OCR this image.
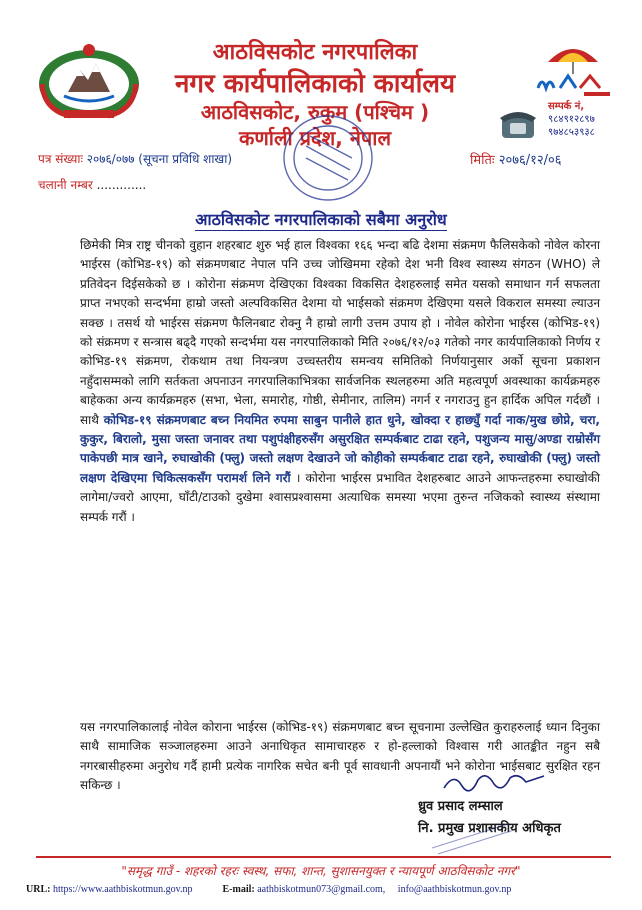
आठविसकोट नगरपालिका
नगर कार्यपालिकाको कार्यालय
आठविसकोट, रुकुम (पश्चिम )
कर्णाली प्रदेश, नेपाल
सम्पर्क नं,
९८४९१२८९७
९७४८५३९३८
पत्र संख्याः २०७६/०७७ (सूचना प्रविधि शाखा)	मितिः २०७६/१२/०६
चलानी नम्बर .............
आठविसकोट नगरपालिकाको सबैमा अनुरोध
छिमेकी मित्र राष्ट्र चीनको वुहान शहरबाट शुरु भई हाल विश्वका १६६ भन्दा बढि देशमा संक्रमण फैलिसकेको नोवेल कोरना भाईरस (कोभिड-१९) को संक्रमणबाट नेपाल पनि उच्च जोखिममा रहेको देश भनी विश्व स्वास्थ्य संगठन (WHO) ले प्रतिवेदन दिईसकेको छ । कोरोना संक्रमण देखिएका विश्वका विकसित देशहरुलाई समेत यसको समाधान गर्न सफलता प्राप्त नभएको सन्दर्भमा हाम्रो जस्तो अल्पविकसित देशमा यो भाईसको संक्रमण देखिएमा यसले विकराल समस्या ल्याउन सक्छ । तसर्थ यो भाईरस संक्रमण फैलिनबाट रोक्नु नै हाम्रो लागी उत्तम उपाय हो । नोवेल कोरोना भाईरस (कोभिड-१९) को संक्रमण र सन्त्रास बढ्दै गएको सन्दर्भमा यस नगरपालिकाको मिति २०७६/१२/०३ गतेको नगर कार्यपालिकाको निर्णय र कोभिड-१९ संक्रमण, रोकथाम तथा नियन्त्रण उच्चस्तरीय समन्वय समितिको निर्णयानुसार अर्को सूचना प्रकाशन नहुँदासम्मको लागि सर्तकता अपनाउन नगरपालिकाभित्रका सार्वजनिक स्थलहरुमा अति महत्वपूर्ण अवस्थाका कार्यक्रमहरु बाहेकका अन्य कार्यक्रमहरु (सभा, भेला, समारोह, गोष्ठी, सेमीनार, तालिम) नगर्न र नगराउनु हुन हार्दिक अपिल गर्दछौं । साथै कोभिड-१९ संक्रमणबाट बच्न नियमित रुपमा साबुन पानीले हात धुने, खोक्दा र हाछ्युँ गर्दा नाक/मुख छोप्ने, चरा, कुकुर, बिरालो, मुसा जस्ता जनावर तथा पशुपंक्षीहरुसँग असुरक्षित सम्पर्कबाट टाढा रहने, पशुजन्य मासु/अण्डा राम्रोसँग पाकेपछी मात्र खाने, रुघाखोकी (फ्लु) जस्तो लक्षण देखाउने जो कोहीको सम्पर्कबाट टाढा रहने, रुघाखोकी (फ्लु) जस्तो लक्षण देखिएमा चिकित्सकसँग परामर्श लिने गरौं । कोरोना भाईरस प्रभावित देशहरुबाट आउने आफन्तहरुमा रुघाखोकी लागेमा/ज्वरो आएमा, घाँटी/टाउको दुखेमा श्वासप्रश्वासमा अत्याधिक समस्या भएमा तुरुन्त नजिकको स्वास्थ्य संस्थामा सम्पर्क गरौं ।
यस नगरपालिकालाई नोवेल कोराना भाईरस (कोभिड-१९) संक्रमणबाट बच्न सूचनामा उल्लेखित कुराहरुलाई ध्यान दिनुका साथै सामाजिक सञ्जालहरुमा आउने अनाधिकृत सामाचारहरु र हो-हल्लाको विश्वास गरी आतङ्कीत नहुन सबै नगरबासीहरुमा अनुरोध गर्दै हामी प्रत्येक नागरिक सचेत बनी पूर्व सावधानी अपनायौं भने कोरोना भाईसबाट सुरक्षित रहन सकिन्छ ।
ध्रुव प्रसाद लम्साल
नि. प्रमुख प्रशासकीय अधिकृत
"समृद्ध गाउँ - शहरको रहरः स्वस्थ, सफा, शान्त, सुशासनयुक्त र न्यायपूर्ण आठविसकोट नगर"
URL: https://www.aathbiskotmun.gov.np	E-mail: aathbiskotmun073@gmail.com, info@aathbiskotmun.gov.np
